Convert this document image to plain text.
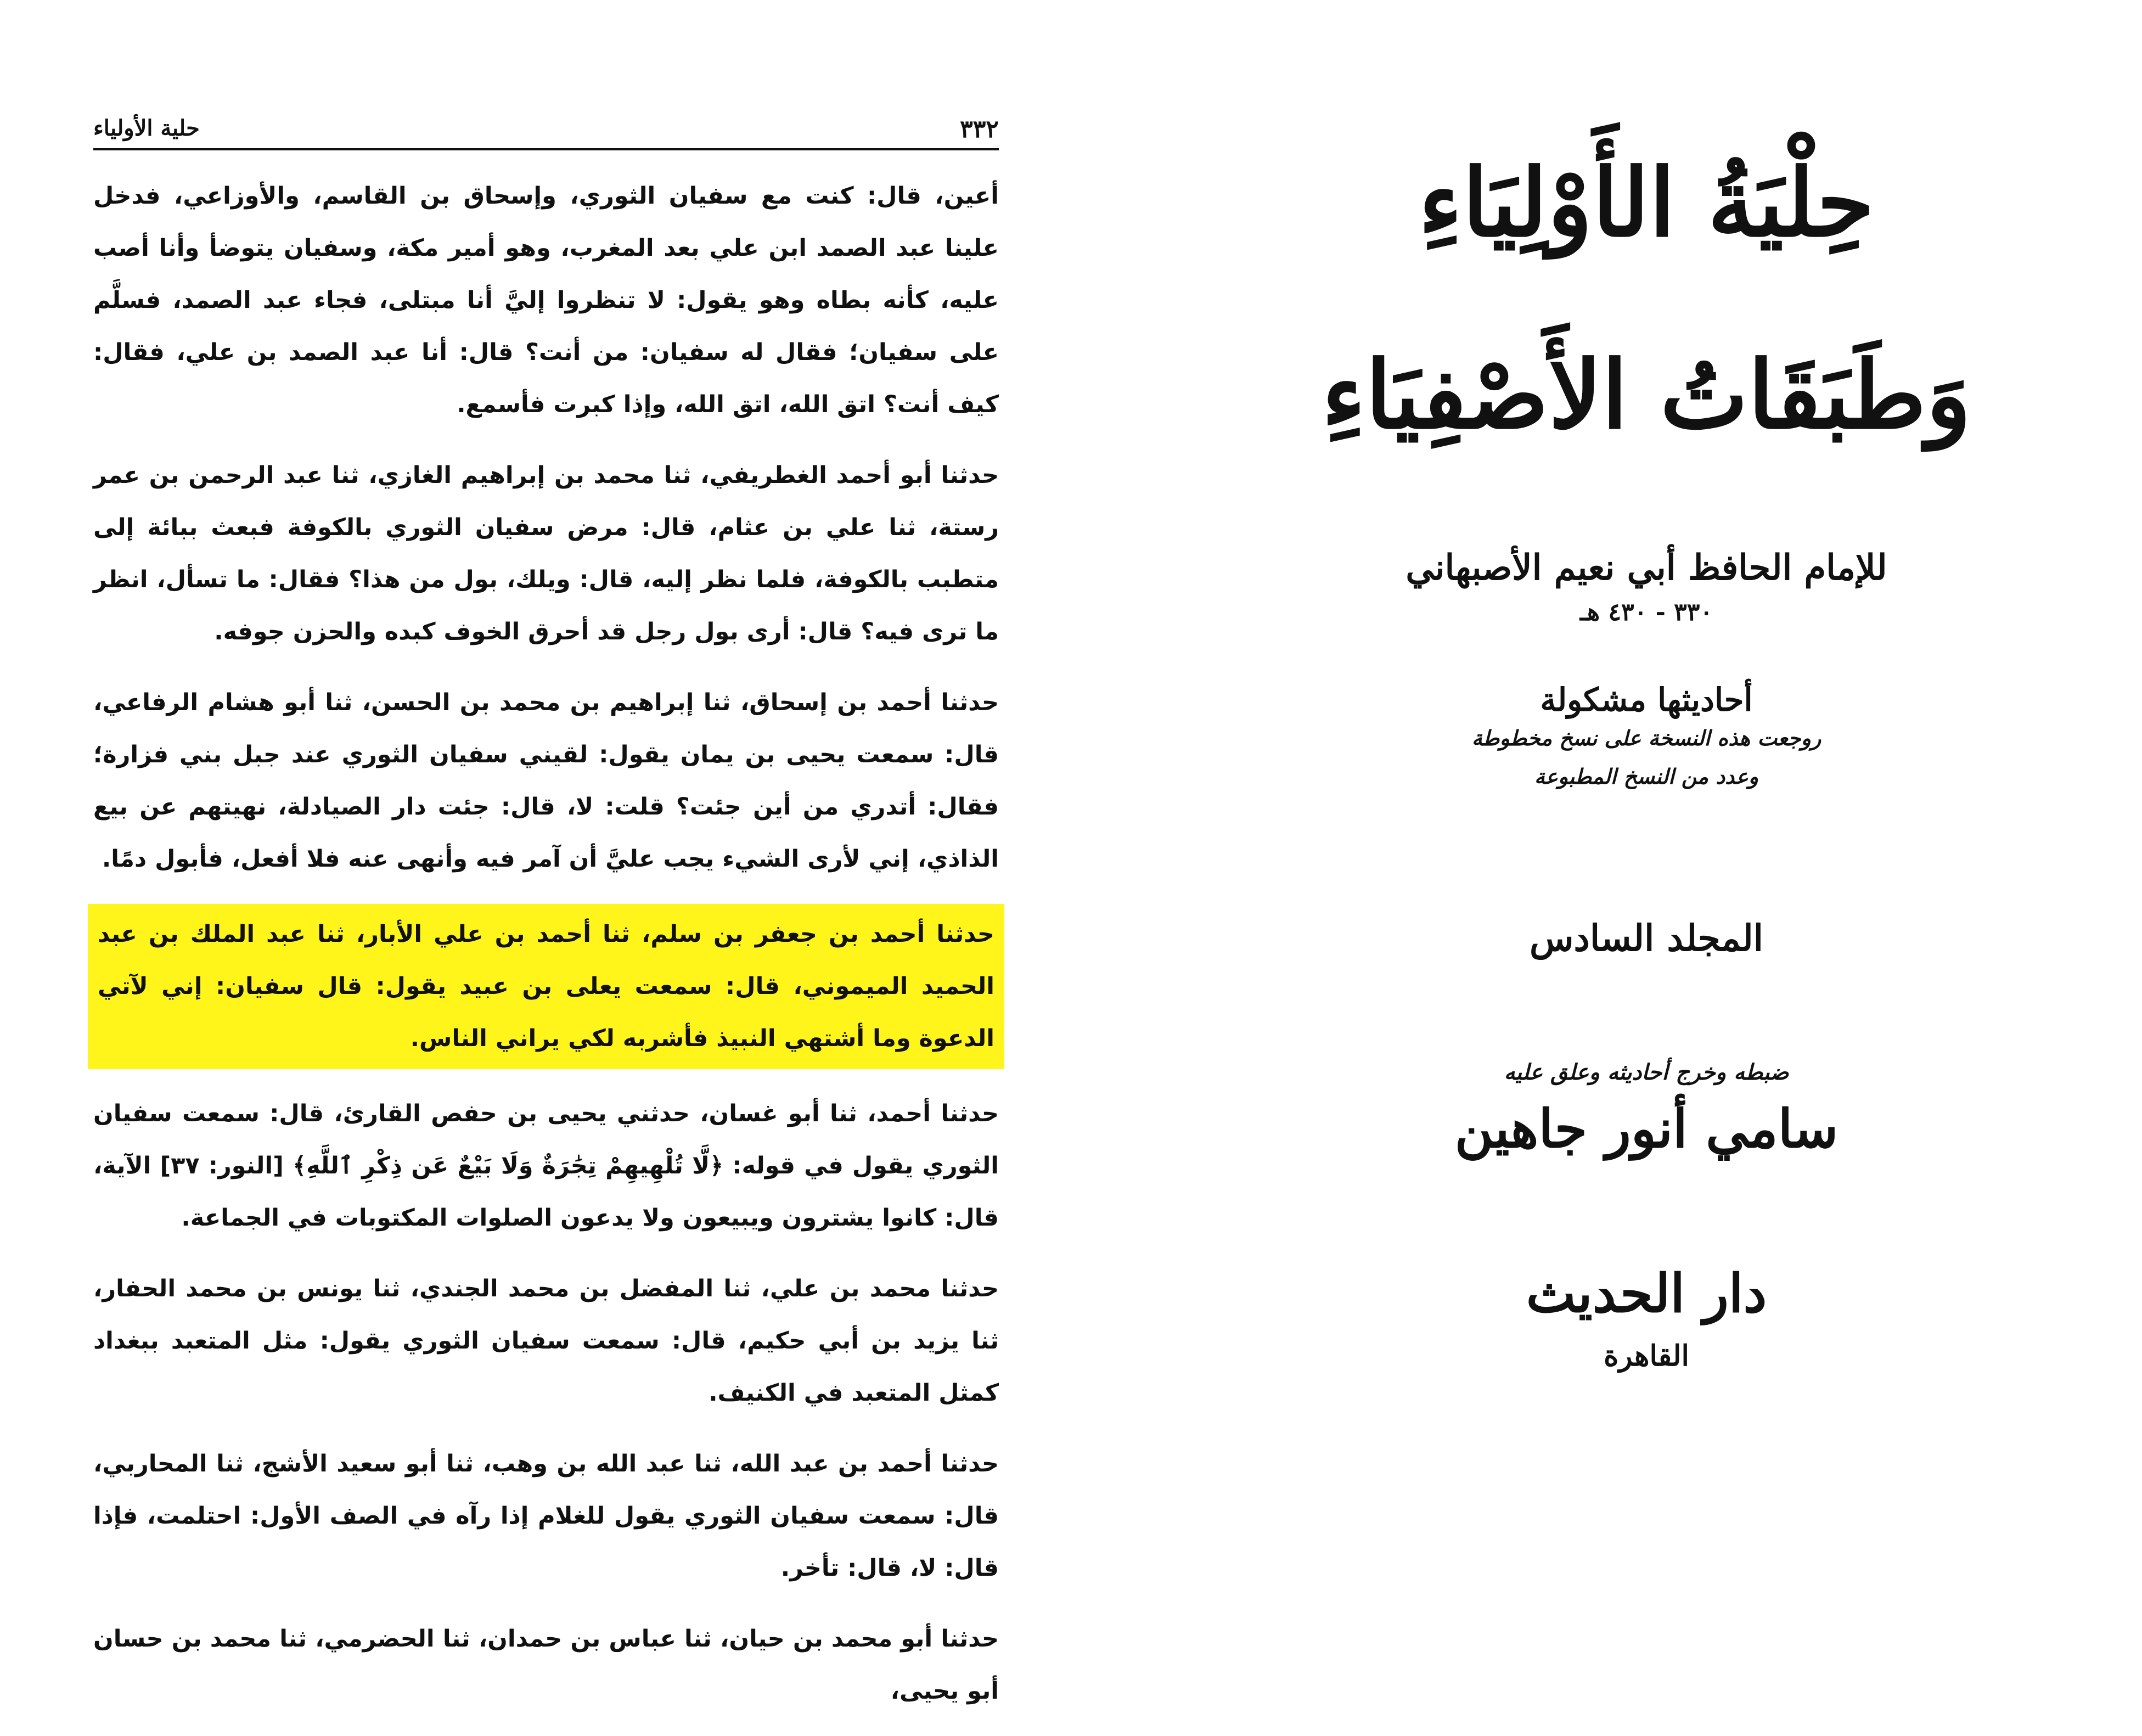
٣٣٢
حلية الأولياء

أعين، قال: كنت مع سفيان الثوري، وإسحاق بن القاسم، والأوزاعي، فدخل علينا عبد الصمد ابن علي بعد المغرب، وهو أمير مكة، وسفيان يتوضأ وأنا أصب عليه، كأنه بطاه وهو يقول: لا تنظروا إليَّ أنا مبتلى، فجاء عبد الصمد، فسلَّم على سفيان؛ فقال له سفيان: من أنت؟ قال: أنا عبد الصمد بن علي، فقال: كيف أنت؟ اتق الله، اتق الله، وإذا كبرت فأسمع.

حدثنا أبو أحمد الغطريفي، ثنا محمد بن إبراهيم الغازي، ثنا عبد الرحمن بن عمر رستة، ثنا علي بن عثام، قال: مرض سفيان الثوري بالكوفة فبعث ببائة إلى متطبب بالكوفة، فلما نظر إليه، قال: ويلك، بول من هذا؟ فقال: ما تسأل، انظر ما ترى فيه؟ قال: أرى بول رجل قد أحرق الخوف كبده والحزن جوفه.

حدثنا أحمد بن إسحاق، ثنا إبراهيم بن محمد بن الحسن، ثنا أبو هشام الرفاعي، قال: سمعت يحيى بن يمان يقول: لقيني سفيان الثوري عند جبل بني فزارة؛ فقال: أتدري من أين جئت؟ قلت: لا، قال: جئت دار الصيادلة، نهيتهم عن بيع الذاذي، إني لأرى الشيء يجب عليَّ أن آمر فيه وأنهى عنه فلا أفعل، فأبول دمًا.

حدثنا أحمد بن جعفر بن سلم، ثنا أحمد بن علي الأبار، ثنا عبد الملك بن عبد الحميد الميموني، قال: سمعت يعلى بن عبيد يقول: قال سفيان: إني لآتي الدعوة وما أشتهي النبيذ فأشربه لكي يراني الناس.

حدثنا أحمد، ثنا أبو غسان، حدثني يحيى بن حفص القارئ، قال: سمعت سفيان الثوري يقول في قوله: ﴿لَّا تُلْهِيهِمْ تِجَٰرَةٌ وَلَا بَيْعٌ عَن ذِكْرِ ٱللَّهِ﴾ [النور: ٣٧] الآية، قال: كانوا يشترون ويبيعون ولا يدعون الصلوات المكتوبات في الجماعة.

حدثنا محمد بن علي، ثنا المفضل بن محمد الجندي، ثنا يونس بن محمد الحفار، ثنا يزيد بن أبي حكيم، قال: سمعت سفيان الثوري يقول: مثل المتعبد ببغداد كمثل المتعبد في الكنيف.

حدثنا أحمد بن عبد الله، ثنا عبد الله بن وهب، ثنا أبو سعيد الأشج، ثنا المحاربي، قال: سمعت سفيان الثوري يقول للغلام إذا رآه في الصف الأول: احتلمت، فإذا قال: لا، قال: تأخر.

حدثنا أبو محمد بن حيان، ثنا عباس بن حمدان، ثنا الحضرمي، ثنا محمد بن حسان أبو يحيى،

حِلْيَةُ الأَوْلِيَاءِ
وَطَبَقَاتُ الأَصْفِيَاءِ
للإمام الحافظ أبي نعيم الأصبهاني
٣٣٠ - ٤٣٠ هـ
أحاديثها مشكولة
روجعت هذه النسخة على نسخ مخطوطة
وعدد من النسخ المطبوعة
المجلد السادس
ضبطه وخرج أحاديثه وعلق عليه
سامي أنور جاهين
دار الحديث
القاهرة
